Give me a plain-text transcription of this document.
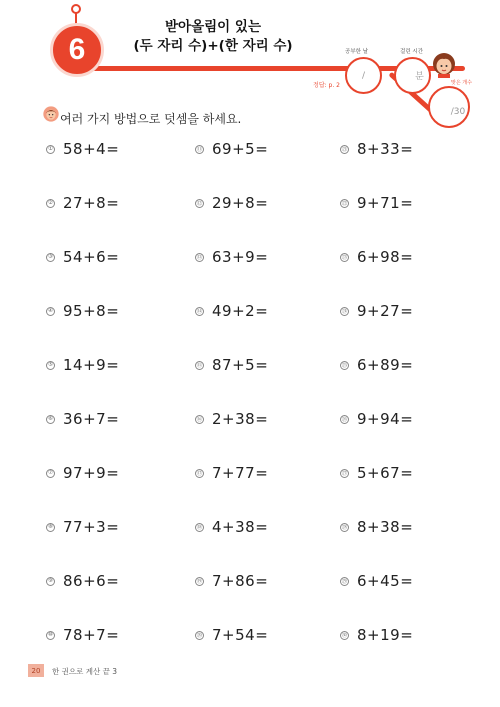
6
받아올림이 있는
(두 자리 수)+(한 자리 수)
정답: p. 2
공부한 날
/
걸린 시간
분
맞은 개수
/30
여러 가지 방법으로 덧셈을 하세요.
① 58+4=
② 27+8=
③ 54+6=
④ 95+8=
⑤ 14+9=
⑥ 36+7=
⑦ 97+9=
⑧ 77+3=
⑨ 86+6=
⑩ 78+7=
⑪ 69+5=
⑫ 29+8=
⑬ 63+9=
⑭ 49+2=
⑮ 87+5=
⑯ 2+38=
⑰ 7+77=
⑱ 4+38=
⑲ 7+86=
⑳ 7+54=
㉑ 8+33=
㉒ 9+71=
㉓ 6+98=
㉔ 9+27=
㉕ 6+89=
㉖ 9+94=
㉗ 5+67=
㉘ 8+38=
㉙ 6+45=
㉚ 8+19=
20	한 권으로 계산 끝 3
